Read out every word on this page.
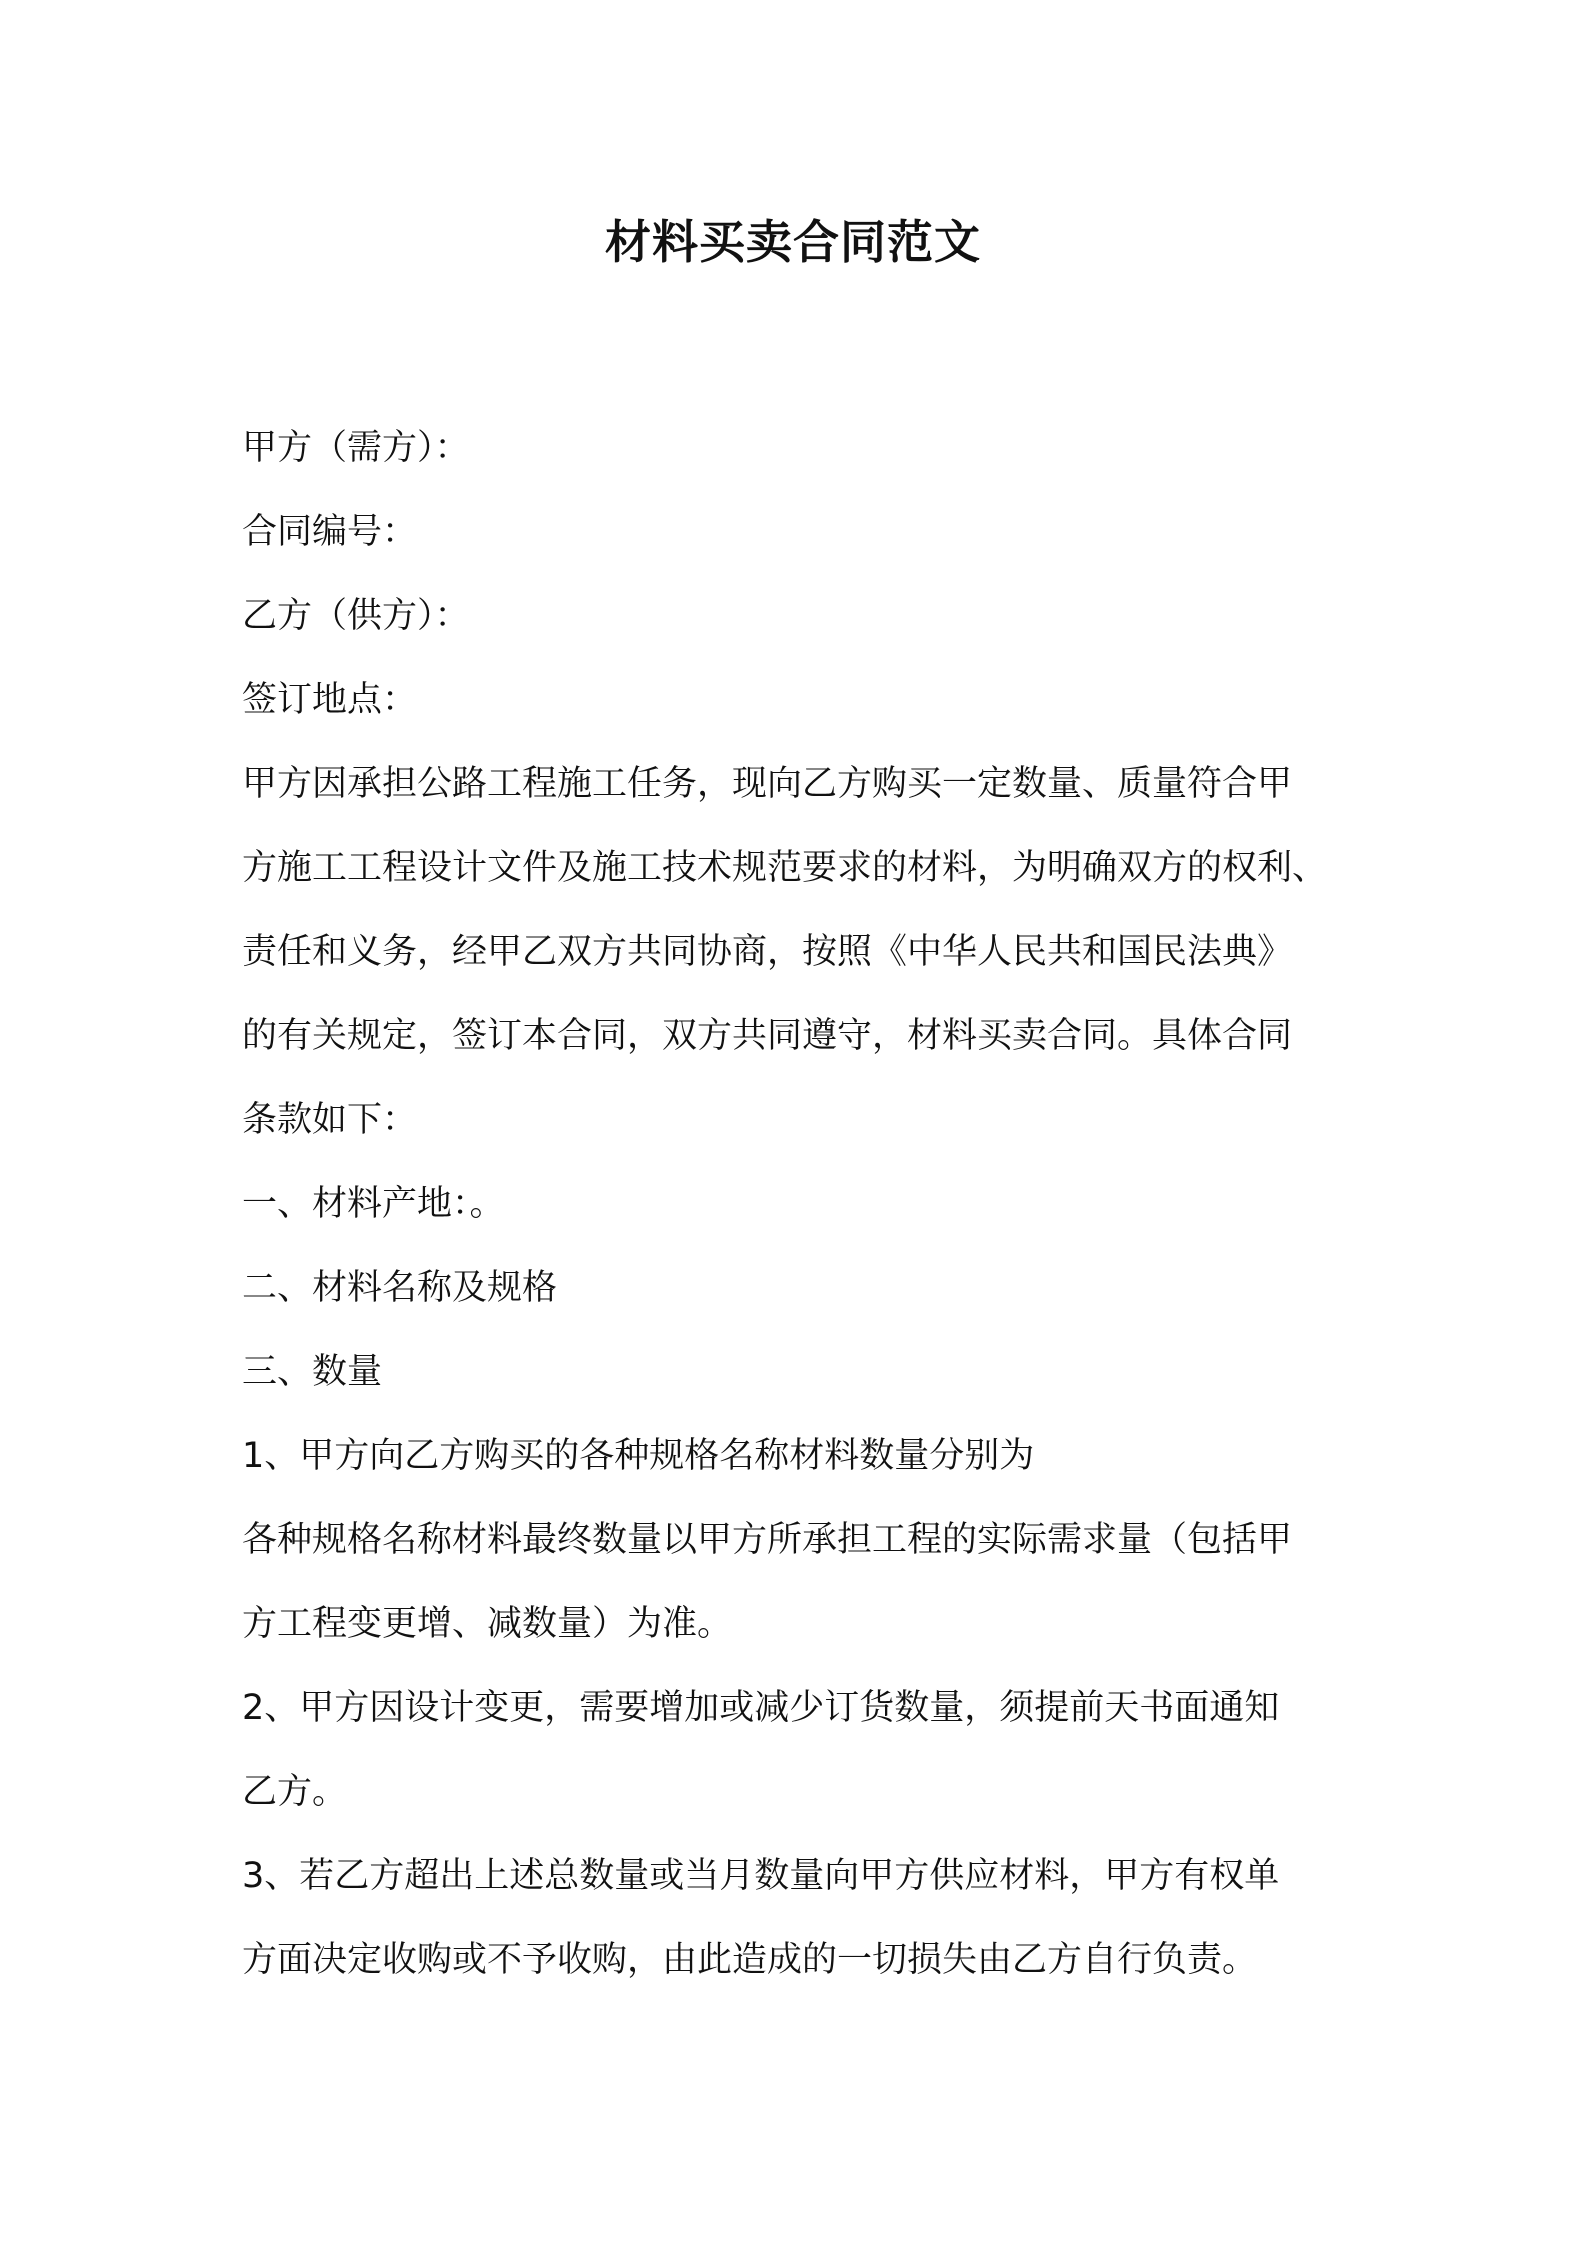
材料买卖合同范文

甲方（需方）：

合同编号：

乙方（供方）：

签订地点：

甲方因承担公路工程施工任务，现向乙方购买一定数量、质量符合甲

方施工工程设计文件及施工技术规范要求的材料，为明确双方的权利、

责任和义务，经甲乙双方共同协商，按照《中华人民共和国民法典》

的有关规定，签订本合同，双方共同遵守，材料买卖合同。具体合同

条款如下：

一、材料产地：。

二、材料名称及规格

三、数量

1、甲方向乙方购买的各种规格名称材料数量分别为

各种规格名称材料最终数量以甲方所承担工程的实际需求量（包括甲

方工程变更增、减数量）为准。

2、甲方因设计变更，需要增加或减少订货数量，须提前天书面通知

乙方。

3、若乙方超出上述总数量或当月数量向甲方供应材料，甲方有权单

方面决定收购或不予收购，由此造成的一切损失由乙方自行负责。
